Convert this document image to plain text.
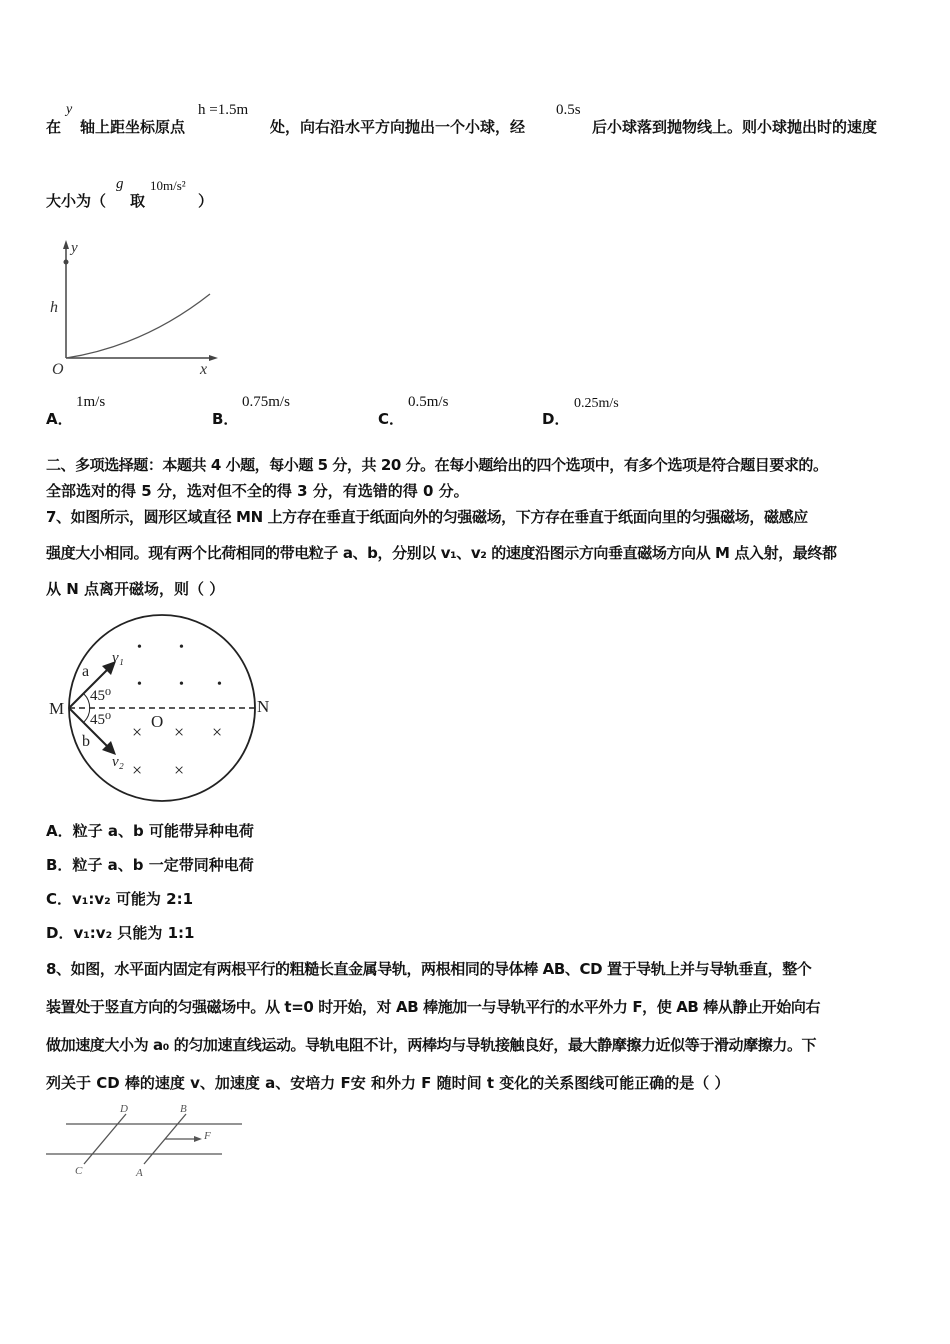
在
y
轴上距坐标原点
h =1.5m
处，向右沿水平方向抛出一个小球，经
0.5s
后小球落到抛物线上。则小球抛出时的速度
大小为（
g
取
10m/s²
）
y
h
O	x
A．
1m/s
B．
0.75m/s
C．
0.5m/s
D．
0.25m/s
二、多项选择题：本题共 4 小题，每小题 5 分，共 20 分。在每小题给出的四个选项中，有多个选项是符合题目要求的。
全部选对的得 5 分，选对但不全的得 3 分，有选错的得 0 分。
7、如图所示，圆形区域直径 MN 上方存在垂直于纸面向外的匀强磁场，下方存在垂直于纸面向里的匀强磁场，磁感应
强度大小相同。现有两个比荷相同的带电粒子 a、b，分别以 v₁、v₂ 的速度沿图示方向垂直磁场方向从 M 点入射，最终都
从 N 点离开磁场，则（ ）
M	N
O
a
b
v₁
v₂
45⁰
45⁰
•	•
•	• •
× × ×
× ×
A．粒子 a、b 可能带异种电荷
B．粒子 a、b 一定带同种电荷
C．v₁:v₂ 可能为 2:1
D．v₁:v₂ 只能为 1:1
8、如图，水平面内固定有两根平行的粗糙长直金属导轨，两根相同的导体棒 AB、CD 置于导轨上并与导轨垂直，整个
装置处于竖直方向的匀强磁场中。从 t=0 时开始，对 AB 棒施加一与导轨平行的水平外力 F，使 AB 棒从静止开始向右
做加速度大小为 a₀ 的匀加速直线运动。导轨电阻不计，两棒均与导轨接触良好，最大静摩擦力近似等于滑动摩擦力。下
列关于 CD 棒的速度 v、加速度 a、安培力 F安 和外力 F 随时间 t 变化的关系图线可能正确的是（ ）
D	B
C	A
F
